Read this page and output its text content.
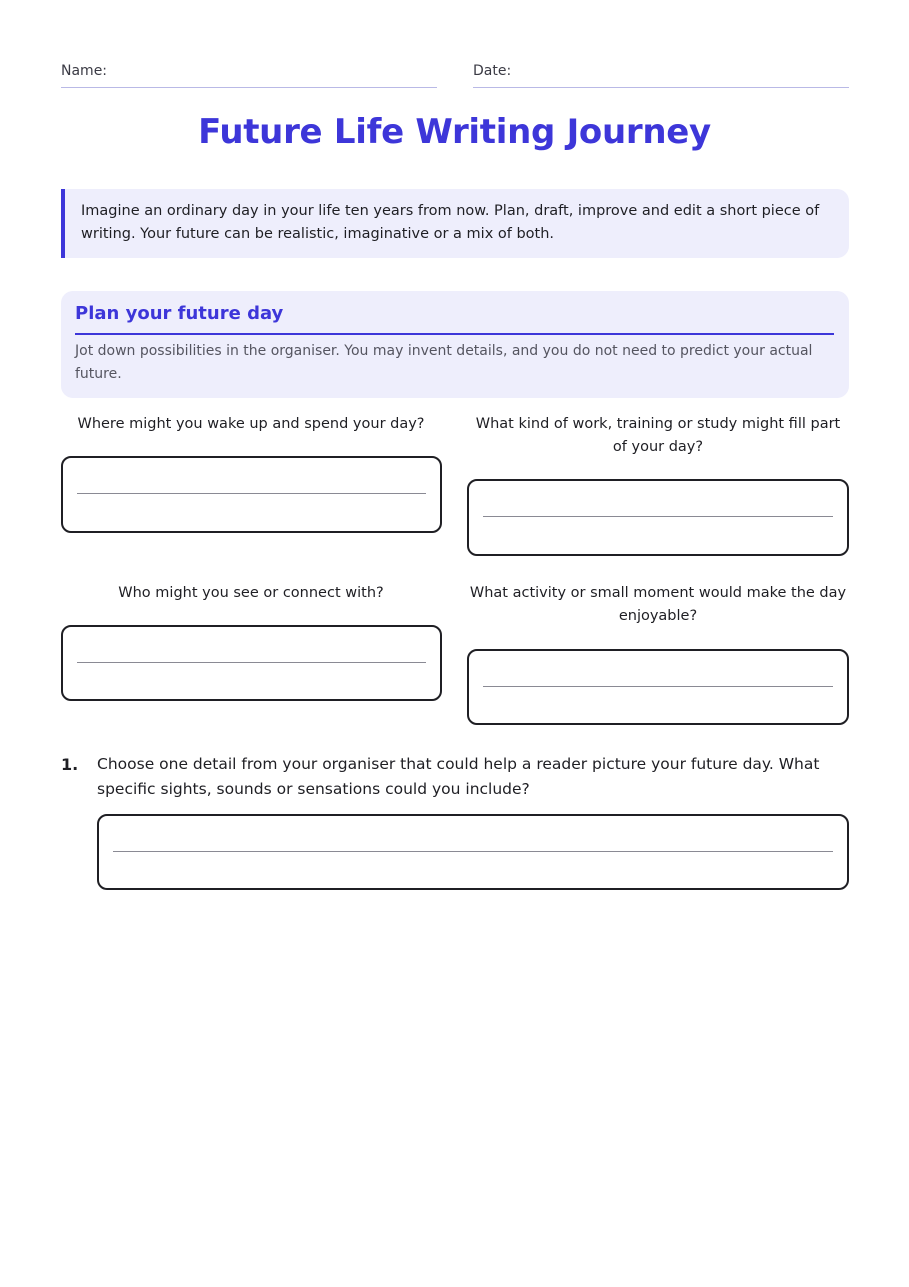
Name:	Date:
Future Life Writing Journey
Imagine an ordinary day in your life ten years from now. Plan, draft, improve and edit a short piece of writing. Your future can be realistic, imaginative or a mix of both.
Plan your future day
Jot down possibilities in the organiser. You may invent details, and you do not need to predict your actual future.
Where might you wake up and spend your day?	What kind of work, training or study might fill part of your day?
Who might you see or connect with?	What activity or small moment would make the day enjoyable?
1. Choose one detail from your organiser that could help a reader picture your future day. What specific sights, sounds or sensations could you include?
